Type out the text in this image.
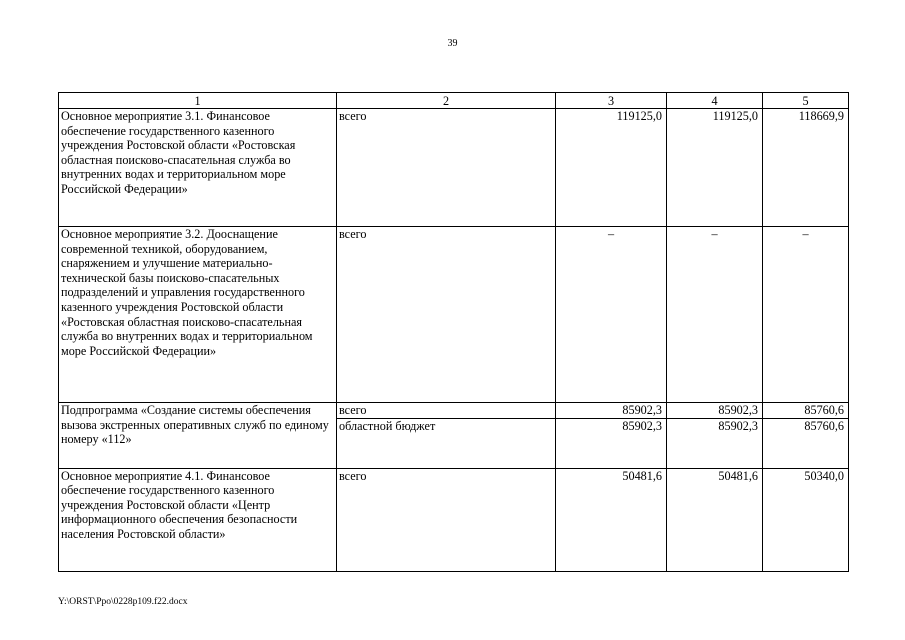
39
1	2	3	4	5
Основное мероприятие 3.1. Финансовое обеспечение государственного казенного учреждения Ростовской области «Ростовская областная поисково-спасательная служба во внутренних водах и территориальном море Российской Федерации»	всего	119125,0	119125,0	118669,9
Основное мероприятие 3.2. Дооснащение современной техникой, оборудованием, снаряжением и улучшение материально-технической базы поисково-спасательных подразделений и управления государственного казенного учреждения Ростовской области «Ростовская областная поисково-спасательная служба во внутренних водах и территориальном море Российской Федерации»	всего	–	–	–
Подпрограмма «Создание системы обеспечения вызова экстренных оперативных служб по единому номеру «112»	всего	85902,3	85902,3	85760,6
	областной бюджет	85902,3	85902,3	85760,6
Основное мероприятие 4.1. Финансовое обеспечение государственного казенного учреждения Ростовской области «Центр информационного обеспечения безопасности населения Ростовской области»	всего	50481,6	50481,6	50340,0
Y:\ORST\Ppo\0228p109.f22.docx
